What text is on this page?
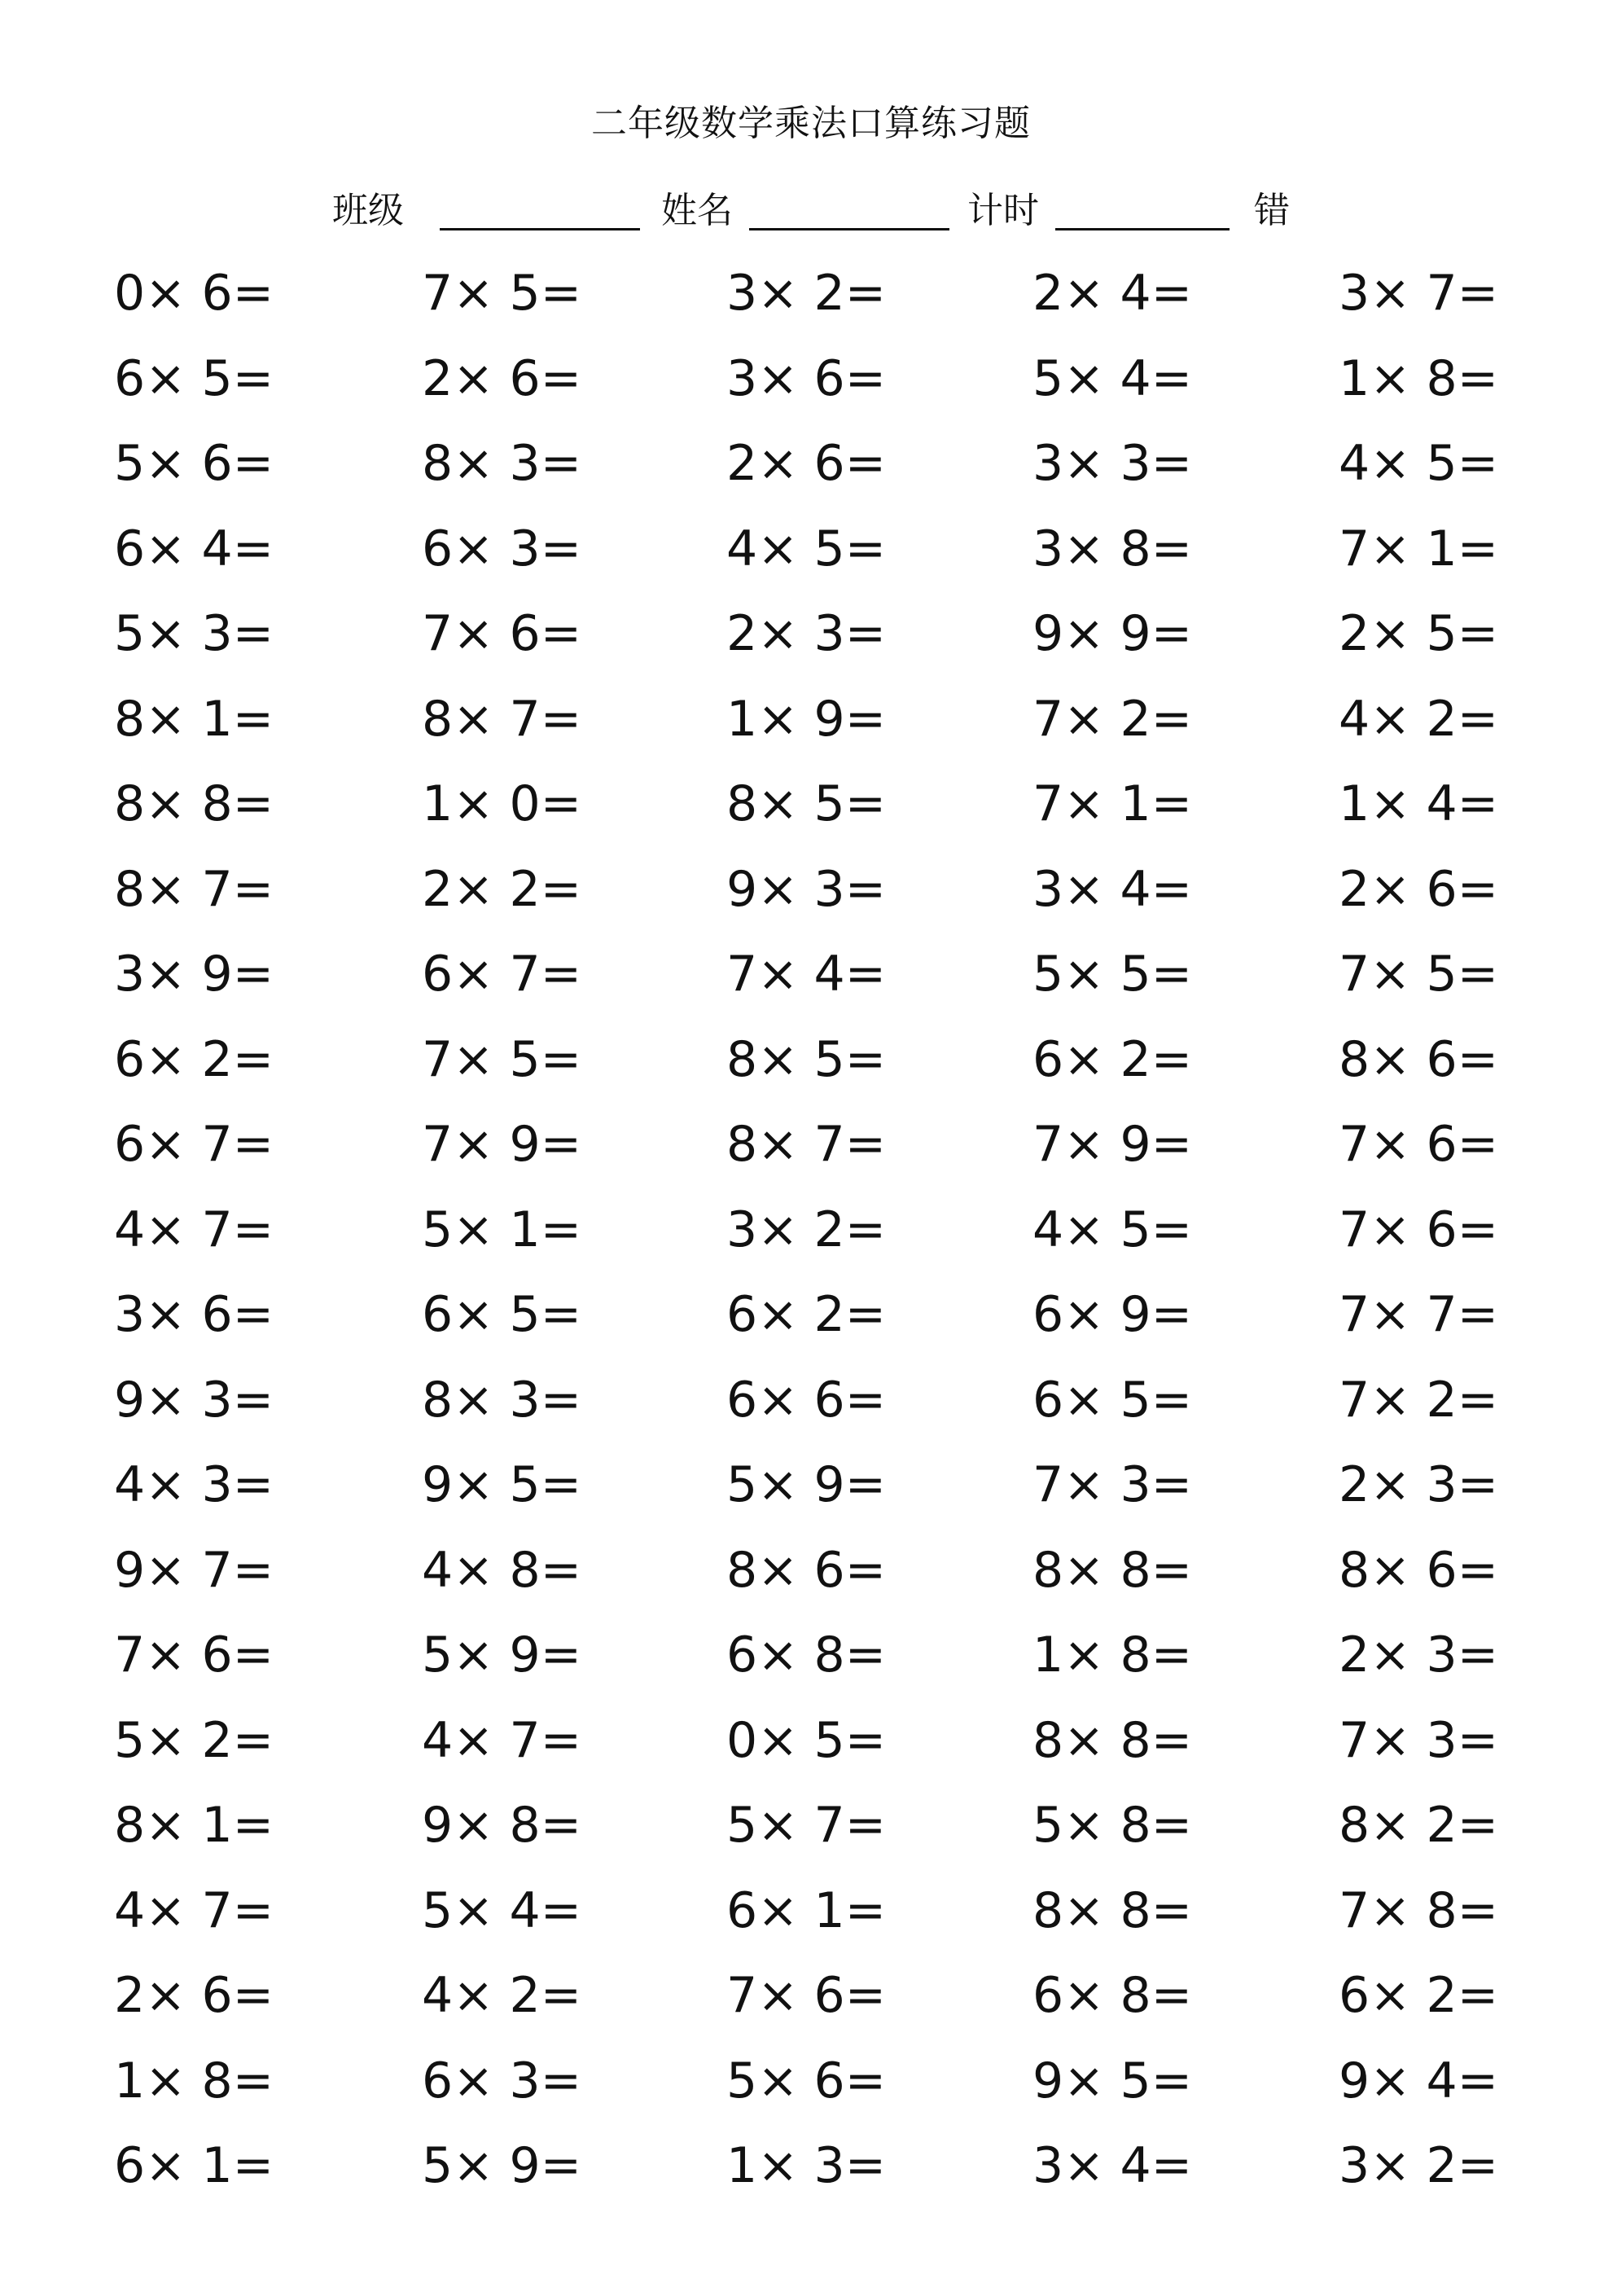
二年级数学乘法口算练习题
班级	姓名	计时	错
0× 6=	7× 5=	3× 2=	2× 4=	3× 7=
6× 5=	2× 6=	3× 6=	5× 4=	1× 8=
5× 6=	8× 3=	2× 6=	3× 3=	4× 5=
6× 4=	6× 3=	4× 5=	3× 8=	7× 1=
5× 3=	7× 6=	2× 3=	9× 9=	2× 5=
8× 1=	8× 7=	1× 9=	7× 2=	4× 2=
8× 8=	1× 0=	8× 5=	7× 1=	1× 4=
8× 7=	2× 2=	9× 3=	3× 4=	2× 6=
3× 9=	6× 7=	7× 4=	5× 5=	7× 5=
6× 2=	7× 5=	8× 5=	6× 2=	8× 6=
6× 7=	7× 9=	8× 7=	7× 9=	7× 6=
4× 7=	5× 1=	3× 2=	4× 5=	7× 6=
3× 6=	6× 5=	6× 2=	6× 9=	7× 7=
9× 3=	8× 3=	6× 6=	6× 5=	7× 2=
4× 3=	9× 5=	5× 9=	7× 3=	2× 3=
9× 7=	4× 8=	8× 6=	8× 8=	8× 6=
7× 6=	5× 9=	6× 8=	1× 8=	2× 3=
5× 2=	4× 7=	0× 5=	8× 8=	7× 3=
8× 1=	9× 8=	5× 7=	5× 8=	8× 2=
4× 7=	5× 4=	6× 1=	8× 8=	7× 8=
2× 6=	4× 2=	7× 6=	6× 8=	6× 2=
1× 8=	6× 3=	5× 6=	9× 5=	9× 4=
6× 1=	5× 9=	1× 3=	3× 4=	3× 2=
